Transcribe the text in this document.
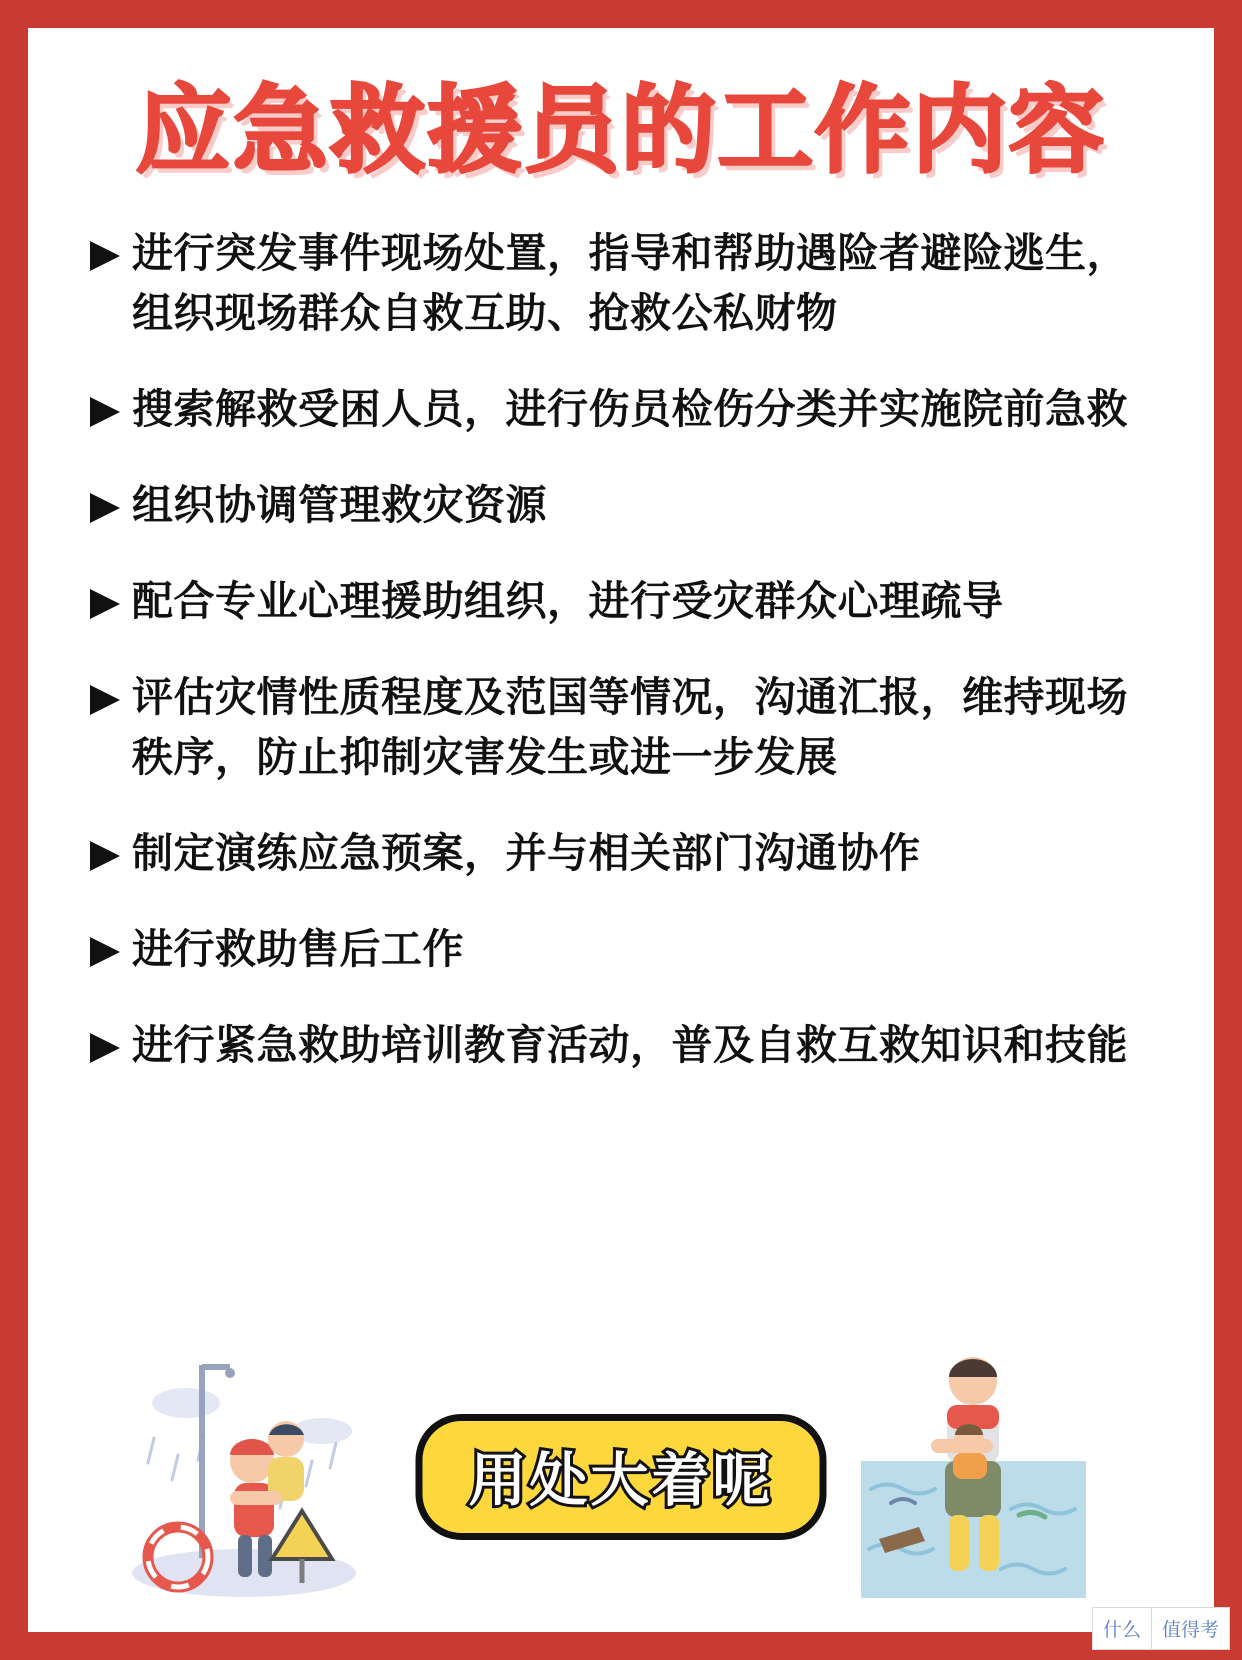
应急救援员的工作内容
进行突发事件现场处置，指导和帮助遇险者避险逃生，组织现场群众自救互助、抢救公私财物
搜索解救受困人员，进行伤员检伤分类并实施院前急救
组织协调管理救灾资源
配合专业心理援助组织，进行受灾群众心理疏导
评估灾情性质程度及范国等情况，沟通汇报，维持现场秩序，防止抑制灾害发生或进一步发展
制定演练应急预案，并与相关部门沟通协作
进行救助售后工作
进行紧急救助培训教育活动，普及自救互救知识和技能
用处大着呢
什么	值得考
